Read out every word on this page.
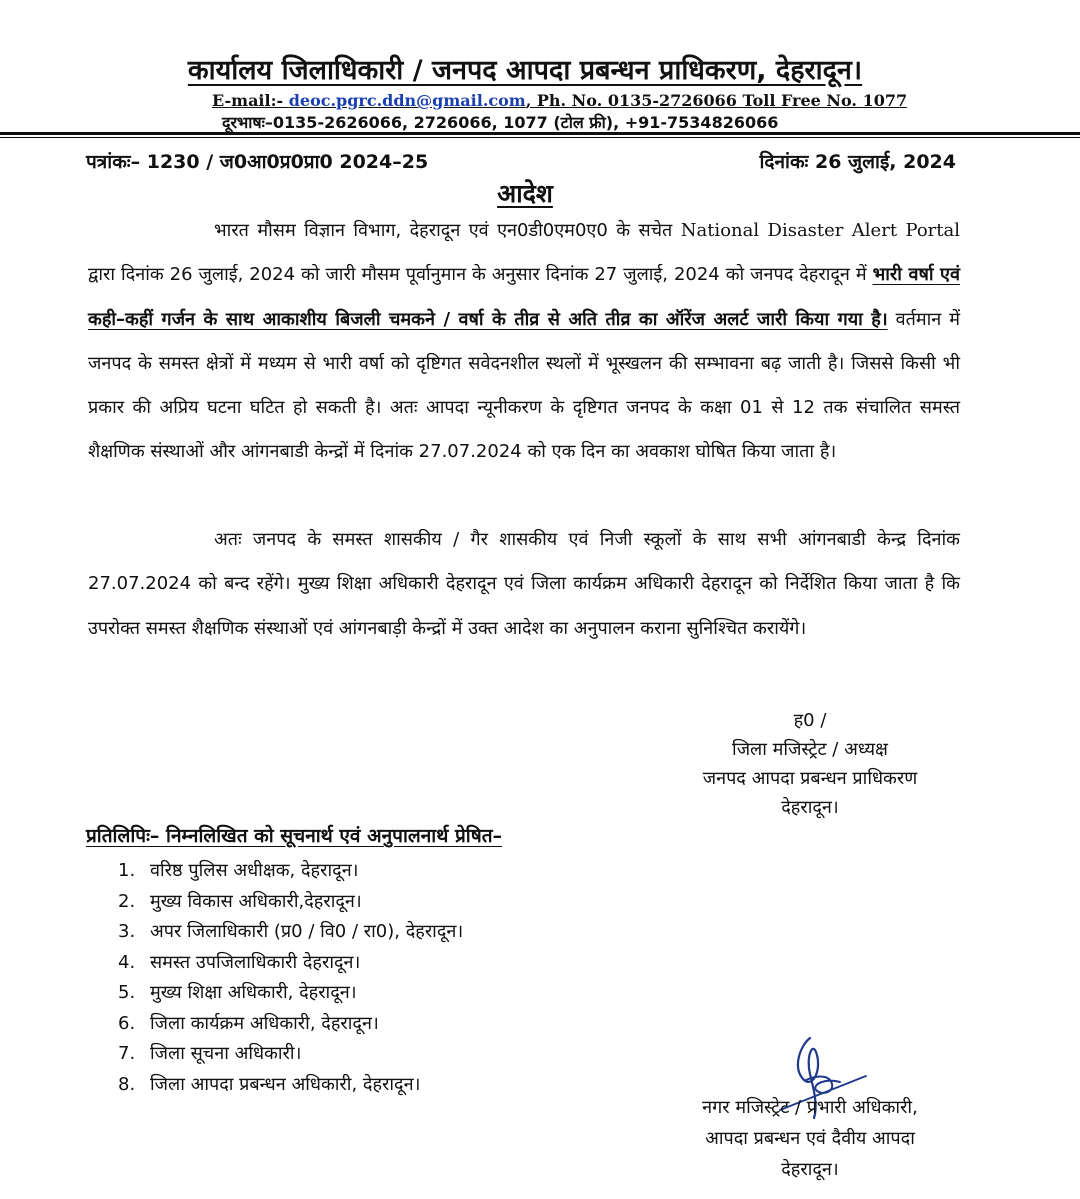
कार्यालय जिलाधिकारी / जनपद आपदा प्रबन्धन प्राधिकरण, देहरादून।
E-mail:- deoc.pgrc.ddn@gmail.com, Ph. No. 0135-2726066 Toll Free No. 1077
दूरभाषः–0135-2626066, 2726066, 1077 (टोल फ्री), +91-7534826066
पत्रांकः– 1230 / ज0आ0प्र0प्रा0 2024–25	दिनांकः 26 जुलाई, 2024
आदेश
भारत मौसम विज्ञान विभाग, देहरादून एवं एन0डी0एम0ए0 के सचेत National Disaster Alert Portal द्वारा दिनांक 26 जुलाई, 2024 को जारी मौसम पूर्वानुमान के अनुसार दिनांक 27 जुलाई, 2024 को जनपद देहरादून में भारी वर्षा एवं कही–कहीं गर्जन के साथ आकाशीय बिजली चमकने / वर्षा के तीव्र से अति तीव्र का ऑरेंज अलर्ट जारी किया गया है। वर्तमान में जनपद के समस्त क्षेत्रों में मध्यम से भारी वर्षा को दृष्टिगत सवेदनशील स्थलों में भूस्खलन की सम्भावना बढ़ जाती है। जिससे किसी भी प्रकार की अप्रिय घटना घटित हो सकती है। अतः आपदा न्यूनीकरण के दृष्टिगत जनपद के कक्षा 01 से 12 तक संचालित समस्त शैक्षणिक संस्थाओं और आंगनबाडी केन्द्रों में दिनांक 27.07.2024 को एक दिन का अवकाश घोषित किया जाता है।
अतः जनपद के समस्त शासकीय / गैर शासकीय एवं निजी स्कूलों के साथ सभी आंगनबाडी केन्द्र दिनांक 27.07.2024 को बन्द रहेंगे। मुख्य शिक्षा अधिकारी देहरादून एवं जिला कार्यक्रम अधिकारी देहरादून को निर्देशित किया जाता है कि उपरोक्त समस्त शैक्षणिक संस्थाओं एवं आंगनबाड़ी केन्द्रों में उक्त आदेश का अनुपालन कराना सुनिश्चित करायेंगे।
ह0 /
जिला मजिस्ट्रेट / अध्यक्ष
जनपद आपदा प्रबन्धन प्राधिकरण
देहरादून।
प्रतिलिपिः– निम्नलिखित को सूचनार्थ एवं अनुपालनार्थ प्रेषित–
1. वरिष्ठ पुलिस अधीक्षक, देहरादून।
2. मुख्य विकास अधिकारी,देहरादून।
3. अपर जिलाधिकारी (प्र0 / वि0 / रा0), देहरादून।
4. समस्त उपजिलाधिकारी देहरादून।
5. मुख्य शिक्षा अधिकारी, देहरादून।
6. जिला कार्यक्रम अधिकारी, देहरादून।
7. जिला सूचना अधिकारी।
8. जिला आपदा प्रबन्धन अधिकारी, देहरादून।
नगर मजिस्ट्रेट / प्रभारी अधिकारी,
आपदा प्रबन्धन एवं दैवीय आपदा
देहरादून।
